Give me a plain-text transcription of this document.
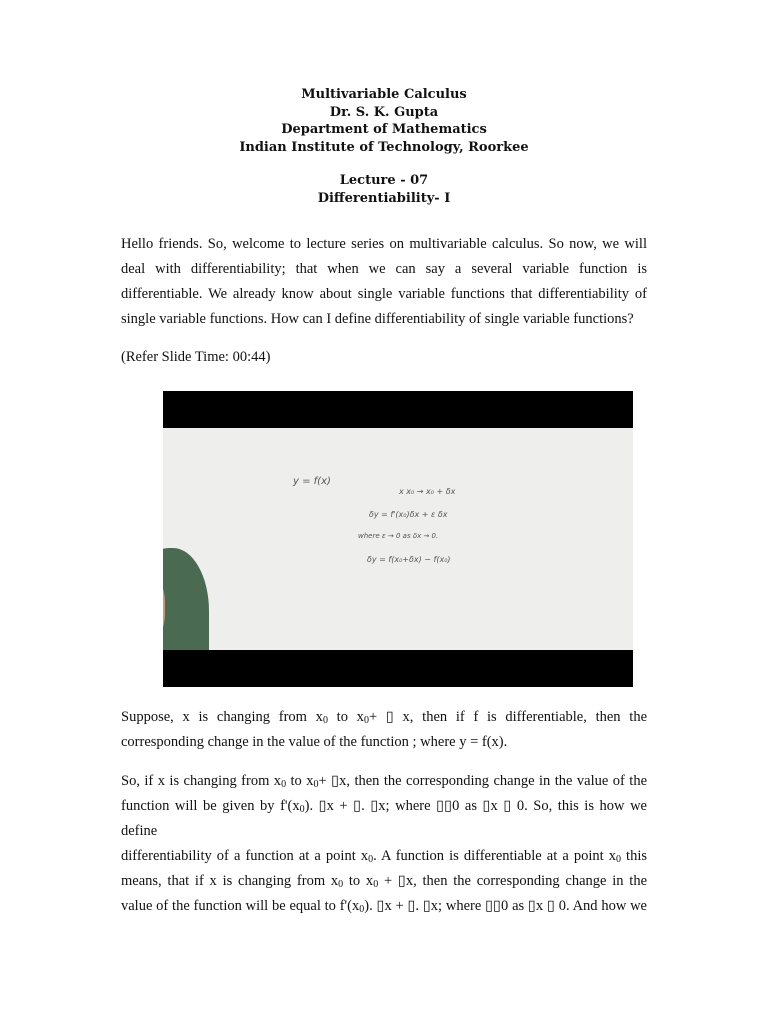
Multivariable Calculus
Dr. S. K. Gupta
Department of Mathematics
Indian Institute of Technology, Roorkee
Lecture - 07
Differentiability- I
Hello friends. So, welcome to lecture series on multivariable calculus. So now, we will
deal with differentiability; that when we can say a several variable function is
differentiable. We already know about single variable functions that differentiability of
single variable functions. How can I define differentiability of single variable functions?

(Refer Slide Time: 00:44)

y = f(x)
x x₀ → x₀ + δx
δy = f'(x₀)δx + ε δx
where ε → 0 as δx → 0.
δy = f(x₀+δx) − f(x₀)
Suppose, x is changing from $x_0$ to $x_0+$ ▯ x, then if f is differentiable, then the
corresponding change in the value of the function ; where y = f(x).
So, if x is changing from $x_0$ to $x_0+$ ▯x, then the corresponding change in the value of the
function will be given by $f'(x_0)$. ▯x + ▯. ▯x; where ▯▯0 as ▯x ▯ 0. So, this is how we define
differentiability of a function at a point $x_0$. A function is differentiable at a point $x_0$ this
means, that if x is changing from $x_0$ to $x_0$ + ▯x, then the corresponding change in the
value of the function will be equal to $f'(x_0)$. ▯x + ▯. ▯x; where ▯▯0 as ▯x ▯ 0. And how we
